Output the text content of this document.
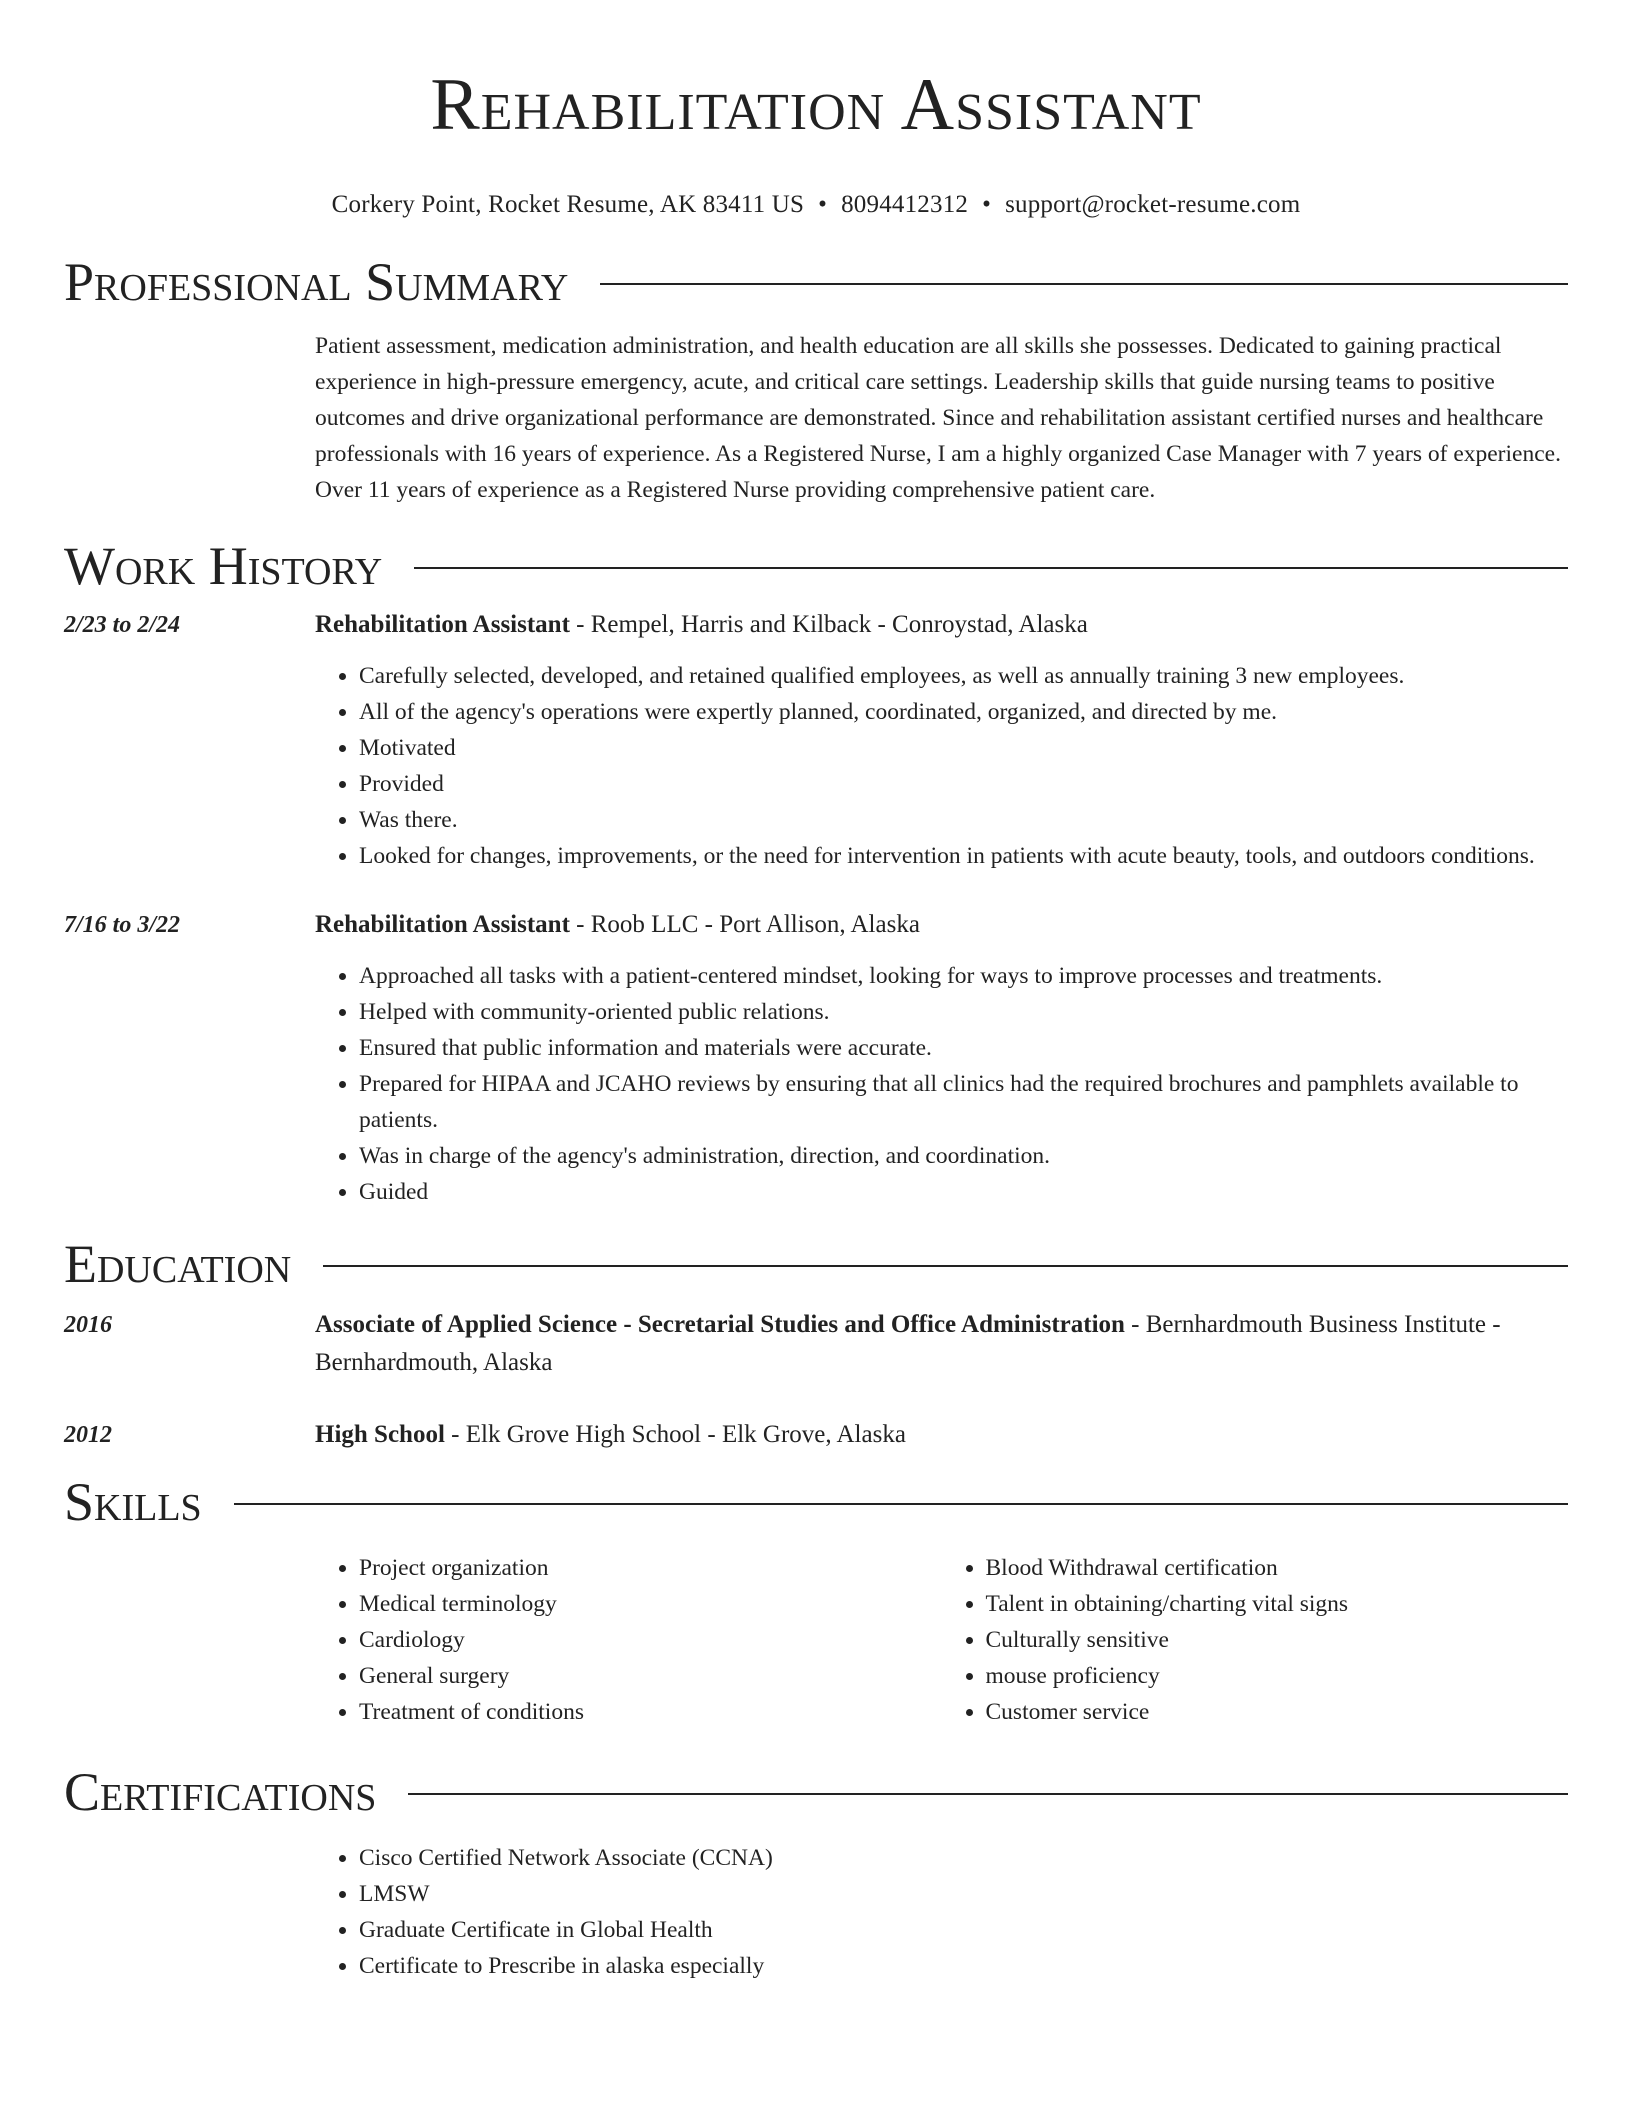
Rehabilitation Assistant
Corkery Point, Rocket Resume, AK 83411 US • 8094412312 • support@rocket-resume.com
Professional Summary
Patient assessment, medication administration, and health education are all skills she possesses. Dedicated to gaining practical experience in high-pressure emergency, acute, and critical care settings. Leadership skills that guide nursing teams to positive outcomes and drive organizational performance are demonstrated. Since and rehabilitation assistant certified nurses and healthcare professionals with 16 years of experience. As a Registered Nurse, I am a highly organized Case Manager with 7 years of experience. Over 11 years of experience as a Registered Nurse providing comprehensive patient care.
Work History
2/23 to 2/24	Rehabilitation Assistant - Rempel, Harris and Kilback - Conroystad, Alaska
• Carefully selected, developed, and retained qualified employees, as well as annually training 3 new employees.
• All of the agency's operations were expertly planned, coordinated, organized, and directed by me.
• Motivated
• Provided
• Was there.
• Looked for changes, improvements, or the need for intervention in patients with acute beauty, tools, and outdoors conditions.
7/16 to 3/22	Rehabilitation Assistant - Roob LLC - Port Allison, Alaska
• Approached all tasks with a patient-centered mindset, looking for ways to improve processes and treatments.
• Helped with community-oriented public relations.
• Ensured that public information and materials were accurate.
• Prepared for HIPAA and JCAHO reviews by ensuring that all clinics had the required brochures and pamphlets available to patients.
• Was in charge of the agency's administration, direction, and coordination.
• Guided
Education
2016	Associate of Applied Science - Secretarial Studies and Office Administration - Bernhardmouth Business Institute - Bernhardmouth, Alaska
2012	High School - Elk Grove High School - Elk Grove, Alaska
Skills
• Project organization
• Medical terminology
• Cardiology
• General surgery
• Treatment of conditions
• Blood Withdrawal certification
• Talent in obtaining/charting vital signs
• Culturally sensitive
• mouse proficiency
• Customer service
Certifications
• Cisco Certified Network Associate (CCNA)
• LMSW
• Graduate Certificate in Global Health
• Certificate to Prescribe in alaska especially
